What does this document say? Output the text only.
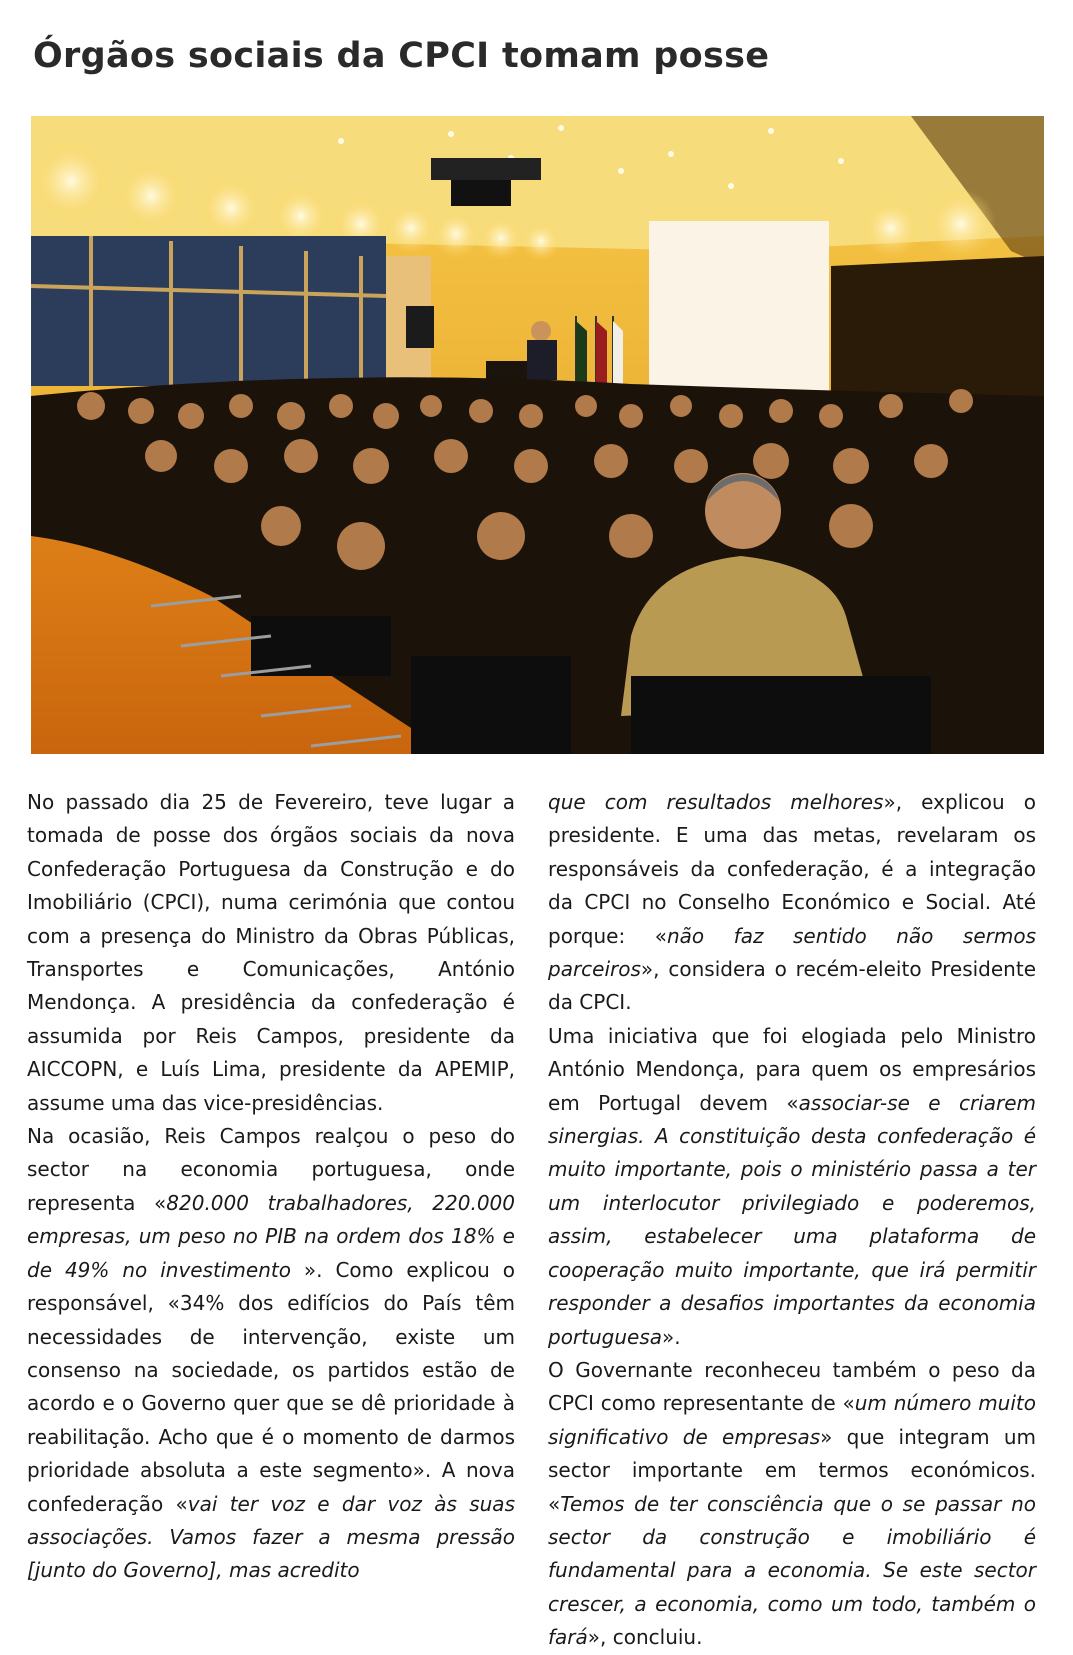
Órgãos sociais da CPCI tomam posse

No passado dia 25 de Fevereiro, teve lugar a tomada de posse dos órgãos sociais da nova Confederação Portuguesa da Construção e do Imobiliário (CPCI), numa cerimónia que contou com a presença do Ministro da Obras Públicas, Transportes e Comunicações, António Mendonça. A presidência da confederação é assumida por Reis Campos, presidente da AICCOPN, e Luís Lima, presidente da APEMIP, assume uma das vice-presidências.

Na ocasião, Reis Campos realçou o peso do sector na economia portuguesa, onde representa «820.000 trabalhadores, 220.000 empresas, um peso no PIB na ordem dos 18% e de 49% no investimento ». Como explicou o responsável, «34% dos edifícios do País têm necessidades de intervenção, existe um consenso na sociedade, os partidos estão de acordo e o Governo quer que se dê prioridade à reabilitação. Acho que é o momento de darmos prioridade absoluta a este segmento». A nova confederação «vai ter voz e dar voz às suas associações. Vamos fazer a mesma pressão [junto do Governo], mas acredito

que com resultados melhores», explicou o presidente. E uma das metas, revelaram os responsáveis da confederação, é a integração da CPCI no Conselho Económico e Social. Até porque: «não faz sentido não sermos parceiros», considera o recém-eleito Presidente da CPCI.

Uma iniciativa que foi elogiada pelo Ministro António Mendonça, para quem os empresários em Portugal devem «associar-se e criarem sinergias. A constituição desta confederação é muito importante, pois o ministério passa a ter um interlocutor privilegiado e poderemos, assim, estabelecer uma plataforma de cooperação muito importante, que irá permitir responder a desafios importantes da economia portuguesa».

O Governante reconheceu também o peso da CPCI como representante de «um número muito significativo de empresas» que integram um sector importante em termos económicos. «Temos de ter consciência que o se passar no sector da construção e imobiliário é fundamental para a economia. Se este sector crescer, a economia, como um todo, também o fará», concluiu.
